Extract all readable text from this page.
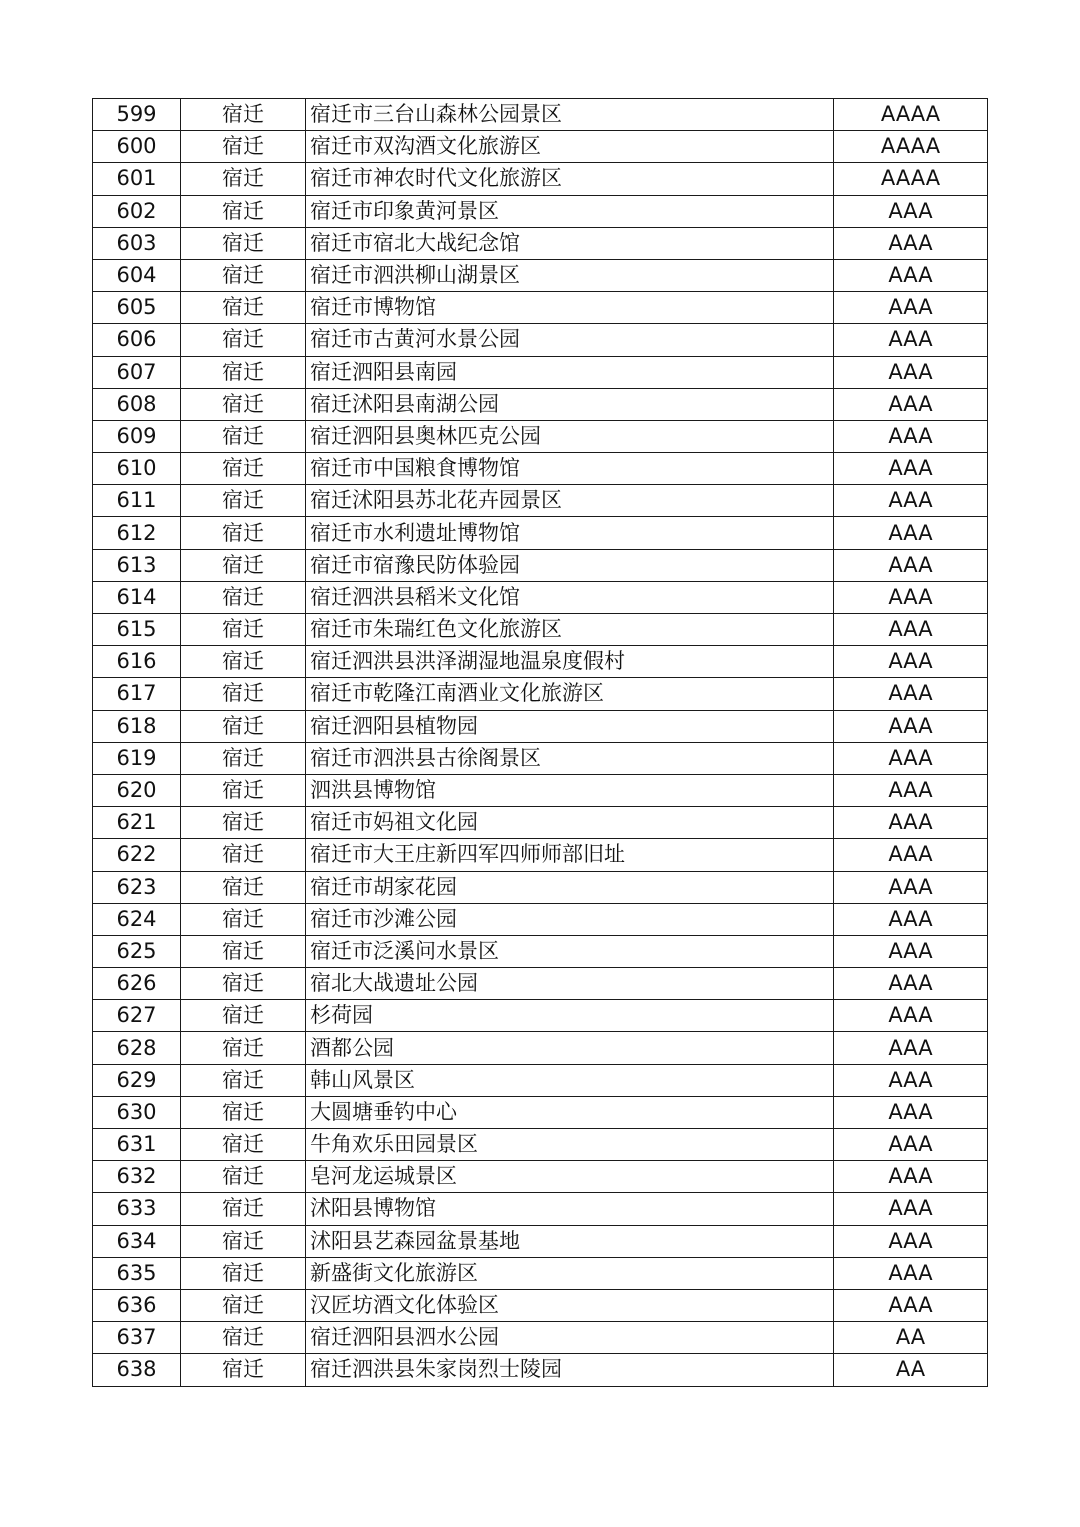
599	宿迁	宿迁市三台山森林公园景区	AAAA
600	宿迁	宿迁市双沟酒文化旅游区	AAAA
601	宿迁	宿迁市神农时代文化旅游区	AAAA
602	宿迁	宿迁市印象黄河景区	AAA
603	宿迁	宿迁市宿北大战纪念馆	AAA
604	宿迁	宿迁市泗洪柳山湖景区	AAA
605	宿迁	宿迁市博物馆	AAA
606	宿迁	宿迁市古黄河水景公园	AAA
607	宿迁	宿迁泗阳县南园	AAA
608	宿迁	宿迁沭阳县南湖公园	AAA
609	宿迁	宿迁泗阳县奥林匹克公园	AAA
610	宿迁	宿迁市中国粮食博物馆	AAA
611	宿迁	宿迁沭阳县苏北花卉园景区	AAA
612	宿迁	宿迁市水利遗址博物馆	AAA
613	宿迁	宿迁市宿豫民防体验园	AAA
614	宿迁	宿迁泗洪县稻米文化馆	AAA
615	宿迁	宿迁市朱瑞红色文化旅游区	AAA
616	宿迁	宿迁泗洪县洪泽湖湿地温泉度假村	AAA
617	宿迁	宿迁市乾隆江南酒业文化旅游区	AAA
618	宿迁	宿迁泗阳县植物园	AAA
619	宿迁	宿迁市泗洪县古徐阁景区	AAA
620	宿迁	泗洪县博物馆	AAA
621	宿迁	宿迁市妈祖文化园	AAA
622	宿迁	宿迁市大王庄新四军四师师部旧址	AAA
623	宿迁	宿迁市胡家花园	AAA
624	宿迁	宿迁市沙滩公园	AAA
625	宿迁	宿迁市泛溪问水景区	AAA
626	宿迁	宿北大战遗址公园	AAA
627	宿迁	杉荷园	AAA
628	宿迁	酒都公园	AAA
629	宿迁	韩山风景区	AAA
630	宿迁	大圆塘垂钓中心	AAA
631	宿迁	牛角欢乐田园景区	AAA
632	宿迁	皂河龙运城景区	AAA
633	宿迁	沭阳县博物馆	AAA
634	宿迁	沭阳县艺森园盆景基地	AAA
635	宿迁	新盛街文化旅游区	AAA
636	宿迁	汉匠坊酒文化体验区	AAA
637	宿迁	宿迁泗阳县泗水公园	AA
638	宿迁	宿迁泗洪县朱家岗烈士陵园	AA
